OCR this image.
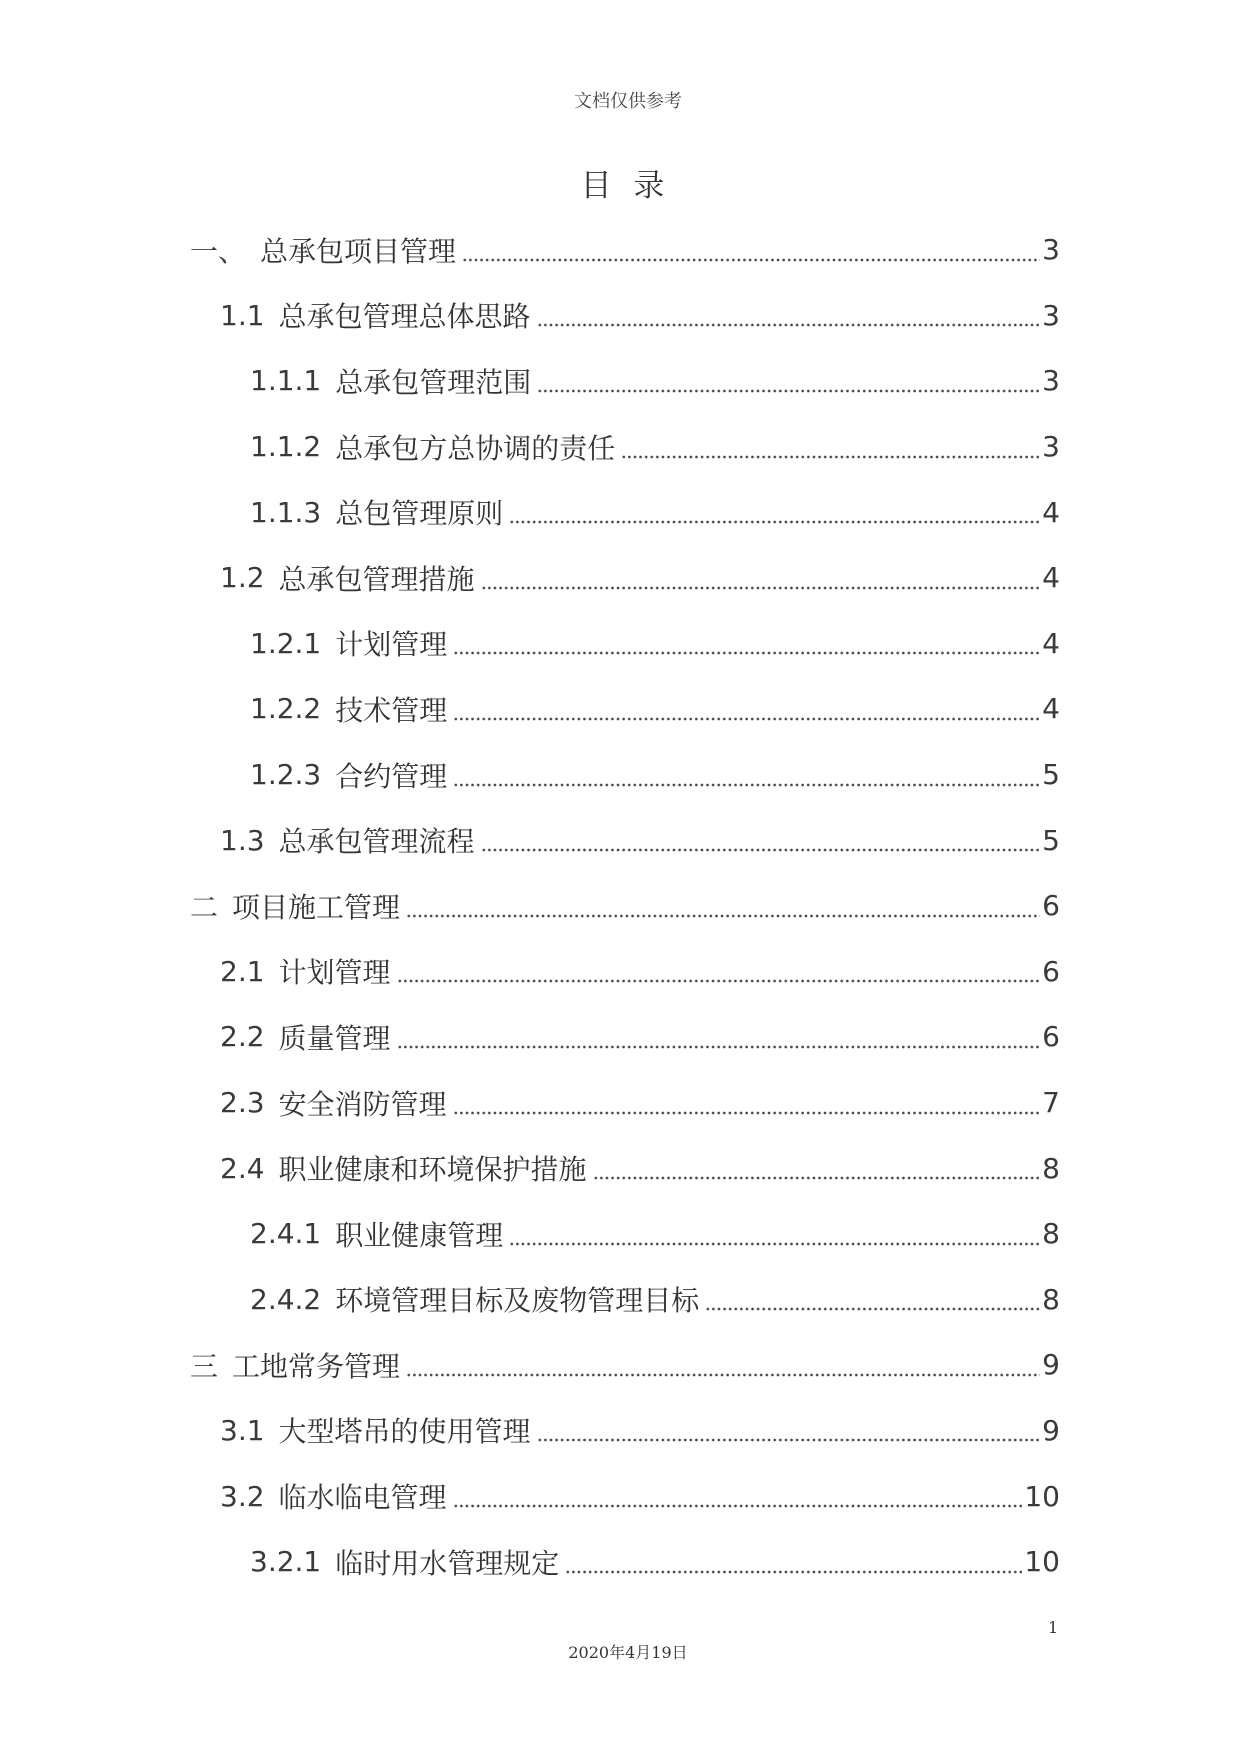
文档仅供参考
目 录
一、 总承包项目管理	3
1.1 总承包管理总体思路	3
1.1.1 总承包管理范围	3
1.1.2 总承包方总协调的责任	3
1.1.3 总包管理原则	4
1.2 总承包管理措施	4
1.2.1 计划管理	4
1.2.2 技术管理	4
1.2.3 合约管理	5
1.3 总承包管理流程	5
二 项目施工管理	6
2.1 计划管理	6
2.2 质量管理	6
2.3 安全消防管理	7
2.4 职业健康和环境保护措施	8
2.4.1 职业健康管理	8
2.4.2 环境管理目标及废物管理目标	8
三 工地常务管理	9
3.1 大型塔吊的使用管理	9
3.2 临水临电管理	10
3.2.1 临时用水管理规定	10
1
2020年4月19日
